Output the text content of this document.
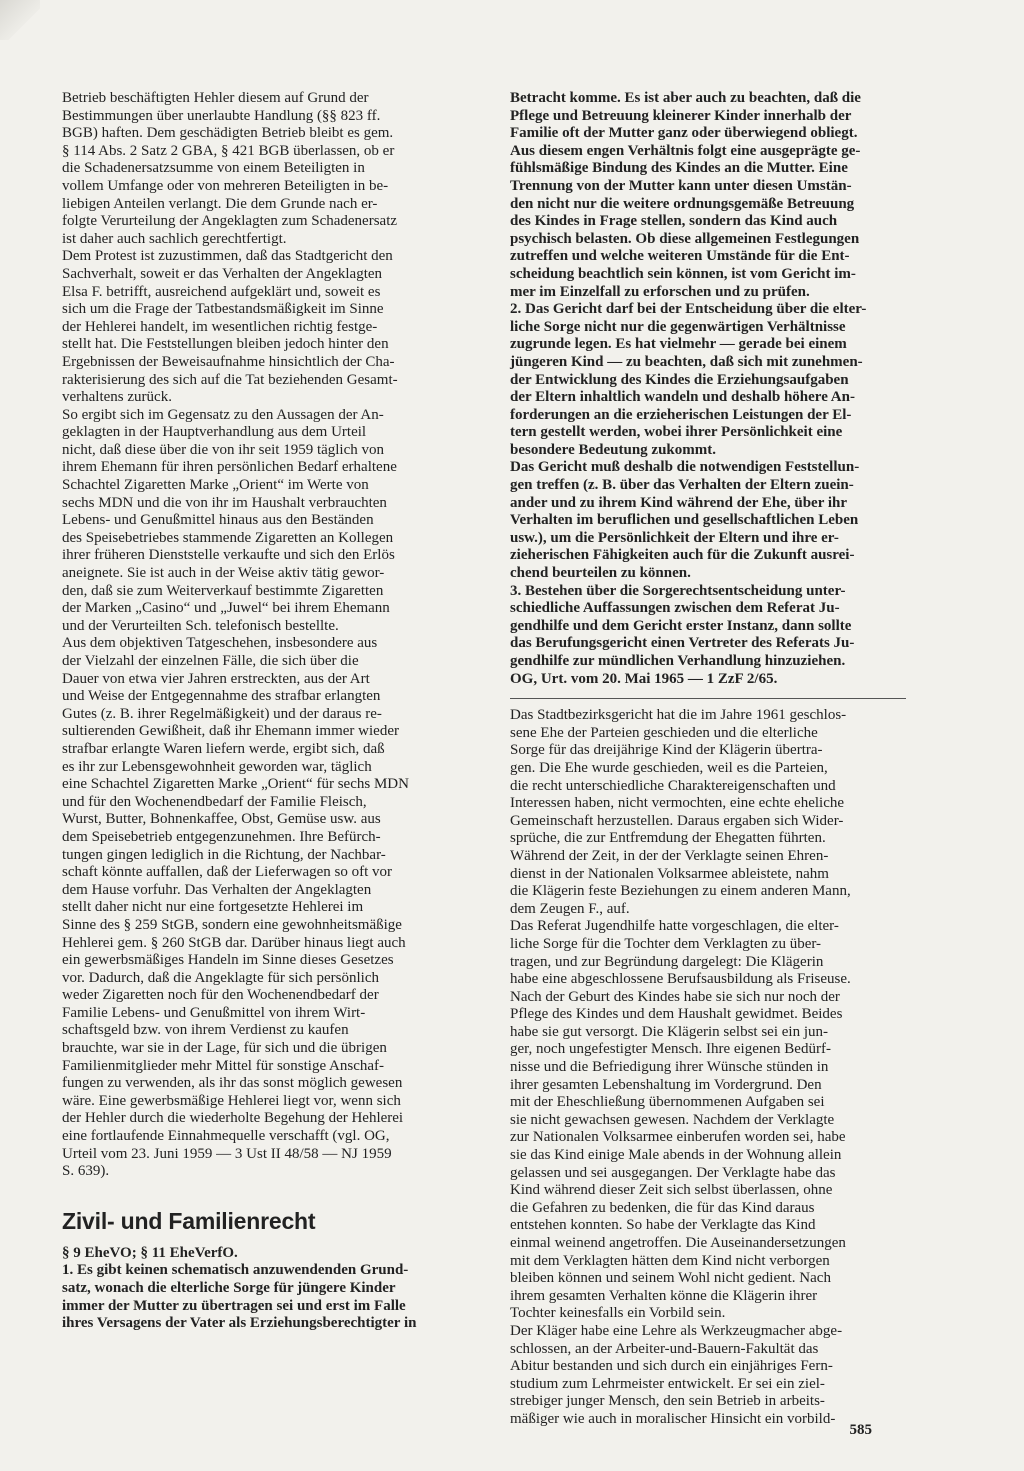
Betrieb beschäftigten Hehler diesem auf Grund der
Bestimmungen über unerlaubte Handlung (§§ 823 ff.
BGB) haften. Dem geschädigten Betrieb bleibt es gem.
§ 114 Abs. 2 Satz 2 GBA, § 421 BGB überlassen, ob er
die Schadenersatzsumme von einem Beteiligten in
vollem Umfange oder von mehreren Beteiligten in be-
liebigen Anteilen verlangt. Die dem Grunde nach er-
folgte Verurteilung der Angeklagten zum Schadenersatz
ist daher auch sachlich gerechtfertigt.

Dem Protest ist zuzustimmen, daß das Stadtgericht den
Sachverhalt, soweit er das Verhalten der Angeklagten
Elsa F. betrifft, ausreichend aufgeklärt und, soweit es
sich um die Frage der Tatbestandsmäßigkeit im Sinne
der Hehlerei handelt, im wesentlichen richtig festge-
stellt hat. Die Feststellungen bleiben jedoch hinter den
Ergebnissen der Beweisaufnahme hinsichtlich der Cha-
rakterisierung des sich auf die Tat beziehenden Gesamt-
verhaltens zurück.

So ergibt sich im Gegensatz zu den Aussagen der An-
geklagten in der Hauptverhandlung aus dem Urteil
nicht, daß diese über die von ihr seit 1959 täglich von
ihrem Ehemann für ihren persönlichen Bedarf erhaltene
Schachtel Zigaretten Marke „Orient“ im Werte von
sechs MDN und die von ihr im Haushalt verbrauchten
Lebens- und Genußmittel hinaus aus den Beständen
des Speisebetriebes stammende Zigaretten an Kollegen
ihrer früheren Dienststelle verkaufte und sich den Erlös
aneignete. Sie ist auch in der Weise aktiv tätig gewor-
den, daß sie zum Weiterverkauf bestimmte Zigaretten
der Marken „Casino“ und „Juwel“ bei ihrem Ehemann
und der Verurteilten Sch. telefonisch bestellte.

Aus dem objektiven Tatgeschehen, insbesondere aus
der Vielzahl der einzelnen Fälle, die sich über die
Dauer von etwa vier Jahren erstreckten, aus der Art
und Weise der Entgegennahme des strafbar erlangten
Gutes (z. B. ihrer Regelmäßigkeit) und der daraus re-
sultierenden Gewißheit, daß ihr Ehemann immer wieder
strafbar erlangte Waren liefern werde, ergibt sich, daß
es ihr zur Lebensgewohnheit geworden war, täglich
eine Schachtel Zigaretten Marke „Orient“ für sechs MDN
und für den Wochenendbedarf der Familie Fleisch,
Wurst, Butter, Bohnenkaffee, Obst, Gemüse usw. aus
dem Speisebetrieb entgegenzunehmen. Ihre Befürch-
tungen gingen lediglich in die Richtung, der Nachbar-
schaft könnte auffallen, daß der Lieferwagen so oft vor
dem Hause vorfuhr. Das Verhalten der Angeklagten
stellt daher nicht nur eine fortgesetzte Hehlerei im
Sinne des § 259 StGB, sondern eine gewohnheitsmäßige
Hehlerei gem. § 260 StGB dar. Darüber hinaus liegt auch
ein gewerbsmäßiges Handeln im Sinne dieses Gesetzes
vor. Dadurch, daß die Angeklagte für sich persönlich
weder Zigaretten noch für den Wochenendbedarf der
Familie Lebens- und Genußmittel von ihrem Wirt-
schaftsgeld bzw. von ihrem Verdienst zu kaufen
brauchte, war sie in der Lage, für sich und die übrigen
Familienmitglieder mehr Mittel für sonstige Anschaf-
fungen zu verwenden, als ihr das sonst möglich gewesen
wäre. Eine gewerbsmäßige Hehlerei liegt vor, wenn sich
der Hehler durch die wiederholte Begehung der Hehlerei
eine fortlaufende Einnahmequelle verschafft (vgl. OG,
Urteil vom 23. Juni 1959 — 3 Ust II 48/58 — NJ 1959
S. 639).

Zivil- und Familienrecht

§ 9 EheVO; § 11 EheVerfO.

1. Es gibt keinen schematisch anzuwendenden Grund-
satz, wonach die elterliche Sorge für jüngere Kinder
immer der Mutter zu übertragen sei und erst im Falle
ihres Versagens der Vater als Erziehungsberechtigter in

Betracht komme. Es ist aber auch zu beachten, daß die
Pflege und Betreuung kleinerer Kinder innerhalb der
Familie oft der Mutter ganz oder überwiegend obliegt.
Aus diesem engen Verhältnis folgt eine ausgeprägte ge-
fühlsmäßige Bindung des Kindes an die Mutter. Eine
Trennung von der Mutter kann unter diesen Umstän-
den nicht nur die weitere ordnungsgemäße Betreuung
des Kindes in Frage stellen, sondern das Kind auch
psychisch belasten. Ob diese allgemeinen Festlegungen
zutreffen und welche weiteren Umstände für die Ent-
scheidung beachtlich sein können, ist vom Gericht im-
mer im Einzelfall zu erforschen und zu prüfen.

2. Das Gericht darf bei der Entscheidung über die elter-
liche Sorge nicht nur die gegenwärtigen Verhältnisse
zugrunde legen. Es hat vielmehr — gerade bei einem
jüngeren Kind — zu beachten, daß sich mit zunehmen-
der Entwicklung des Kindes die Erziehungsaufgaben
der Eltern inhaltlich wandeln und deshalb höhere An-
forderungen an die erzieherischen Leistungen der El-
tern gestellt werden, wobei ihrer Persönlichkeit eine
besondere Bedeutung zukommt.

Das Gericht muß deshalb die notwendigen Feststellun-
gen treffen (z. B. über das Verhalten der Eltern zuein-
ander und zu ihrem Kind während der Ehe, über ihr
Verhalten im beruflichen und gesellschaftlichen Leben
usw.), um die Persönlichkeit der Eltern und ihre er-
zieherischen Fähigkeiten auch für die Zukunft ausrei-
chend beurteilen zu können.

3. Bestehen über die Sorgerechtsentscheidung unter-
schiedliche Auffassungen zwischen dem Referat Ju-
gendhilfe und dem Gericht erster Instanz, dann sollte
das Berufungsgericht einen Vertreter des Referats Ju-
gendhilfe zur mündlichen Verhandlung hinzuziehen.

OG, Urt. vom 20. Mai 1965 — 1 ZzF 2/65.

Das Stadtbezirksgericht hat die im Jahre 1961 geschlos-
sene Ehe der Parteien geschieden und die elterliche
Sorge für das dreijährige Kind der Klägerin übertra-
gen. Die Ehe wurde geschieden, weil es die Parteien,
die recht unterschiedliche Charaktereigenschaften und
Interessen haben, nicht vermochten, eine echte eheliche
Gemeinschaft herzustellen. Daraus ergaben sich Wider-
sprüche, die zur Entfremdung der Ehegatten führten.
Während der Zeit, in der der Verklagte seinen Ehren-
dienst in der Nationalen Volksarmee ableistete, nahm
die Klägerin feste Beziehungen zu einem anderen Mann,
dem Zeugen F., auf.

Das Referat Jugendhilfe hatte vorgeschlagen, die elter-
liche Sorge für die Tochter dem Verklagten zu über-
tragen, und zur Begründung dargelegt: Die Klägerin
habe eine abgeschlossene Berufsausbildung als Friseuse.
Nach der Geburt des Kindes habe sie sich nur noch der
Pflege des Kindes und dem Haushalt gewidmet. Beides
habe sie gut versorgt. Die Klägerin selbst sei ein jun-
ger, noch ungefestigter Mensch. Ihre eigenen Bedürf-
nisse und die Befriedigung ihrer Wünsche stünden in
ihrer gesamten Lebenshaltung im Vordergrund. Den
mit der Eheschließung übernommenen Aufgaben sei
sie nicht gewachsen gewesen. Nachdem der Verklagte
zur Nationalen Volksarmee einberufen worden sei, habe
sie das Kind einige Male abends in der Wohnung allein
gelassen und sei ausgegangen. Der Verklagte habe das
Kind während dieser Zeit sich selbst überlassen, ohne
die Gefahren zu bedenken, die für das Kind daraus
entstehen konnten. So habe der Verklagte das Kind
einmal weinend angetroffen. Die Auseinandersetzungen
mit dem Verklagten hätten dem Kind nicht verborgen
bleiben können und seinem Wohl nicht gedient. Nach
ihrem gesamten Verhalten könne die Klägerin ihrer
Tochter keinesfalls ein Vorbild sein.

Der Kläger habe eine Lehre als Werkzeugmacher abge-
schlossen, an der Arbeiter-und-Bauern-Fakultät das
Abitur bestanden und sich durch ein einjähriges Fern-
studium zum Lehrmeister entwickelt. Er sei ein ziel-
strebiger junger Mensch, den sein Betrieb in arbeits-
mäßiger wie auch in moralischer Hinsicht ein vorbild-

585
